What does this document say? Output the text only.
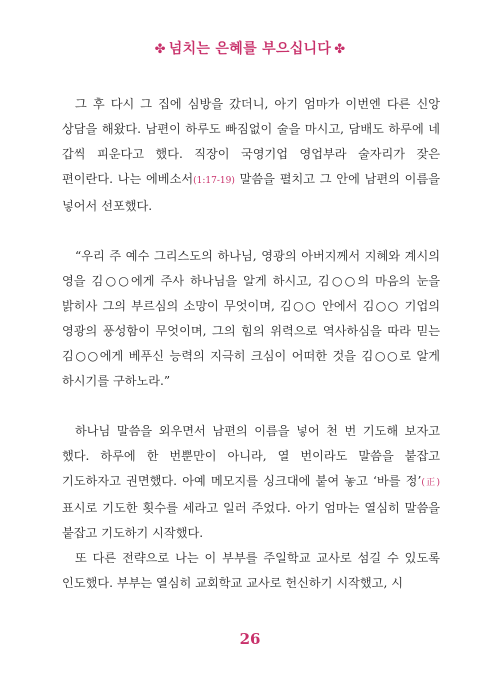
✤ 넘치는 은혜를 부으십니다 ✤

그 후 다시 그 집에 심방을 갔더니, 아기 엄마가 이번엔 다른 신앙 상담을 해왔다. 남편이 하루도 빠짐없이 술을 마시고, 담배도 하루에 네 갑씩 피운다고 했다. 직장이 국영기업 영업부라 술자리가 잦은 편이란다. 나는 에베소서(1:17-19) 말씀을 펼치고 그 안에 남편의 이름을 넣어서 선포했다.

“우리 주 예수 그리스도의 하나님, 영광의 아버지께서 지혜와 계시의 영을 김○○에게 주사 하나님을 알게 하시고, 김○○의 마음의 눈을 밝히사 그의 부르심의 소망이 무엇이며, 김○○ 안에서 김○○ 기업의 영광의 풍성함이 무엇이며, 그의 힘의 위력으로 역사하심을 따라 믿는 김○○에게 베푸신 능력의 지극히 크심이 어떠한 것을 김○○로 알게 하시기를 구하노라.”

하나님 말씀을 외우면서 남편의 이름을 넣어 천 번 기도해 보자고 했다. 하루에 한 번뿐만이 아니라, 열 번이라도 말씀을 붙잡고 기도하자고 권면했다. 아예 메모지를 싱크대에 붙여 놓고 ‘바를 정’(正) 표시로 기도한 횟수를 세라고 일러 주었다. 아기 엄마는 열심히 말씀을 붙잡고 기도하기 시작했다.

또 다른 전략으로 나는 이 부부를 주일학교 교사로 섬길 수 있도록 인도했다. 부부는 열심히 교회학교 교사로 헌신하기 시작했고, 시

26
